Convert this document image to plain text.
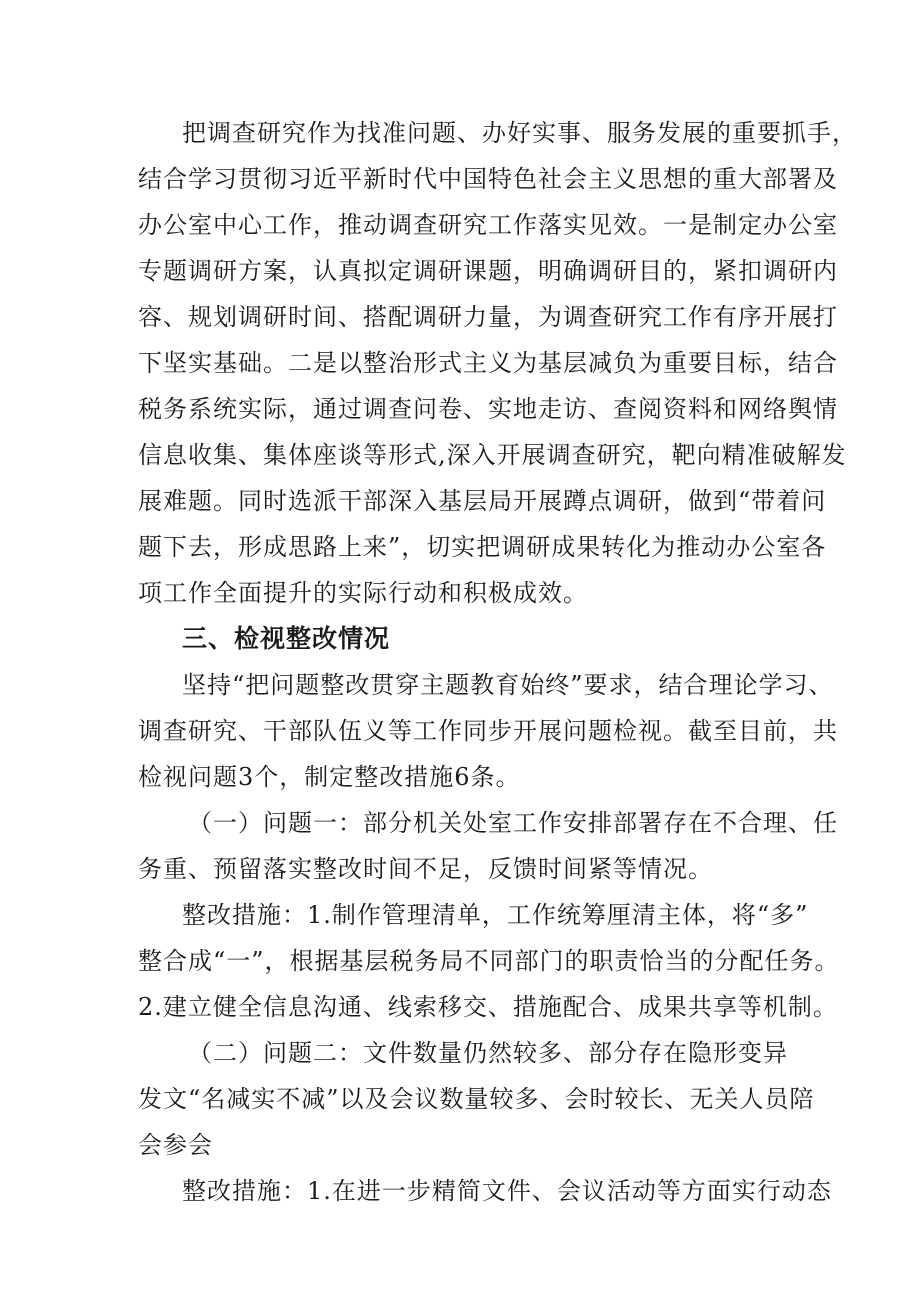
把调查研究作为找准问题、办好实事、服务发展的重要抓手，
结合学习贯彻习近平新时代中国特色社会主义思想的重大部署及
办公室中心工作，推动调查研究工作落实见效。一是制定办公室
专题调研方案，认真拟定调研课题，明确调研目的，紧扣调研内
容、规划调研时间、搭配调研力量，为调查研究工作有序开展打
下坚实基础。二是以整治形式主义为基层减负为重要目标，结合
税务系统实际，通过调查问卷、实地走访、查阅资料和网络舆情
信息收集、集体座谈等形式,深入开展调查研究，靶向精准破解发
展难题。同时选派干部深入基层局开展蹲点调研，做到“带着问
题下去，形成思路上来”，切实把调研成果转化为推动办公室各
项工作全面提升的实际行动和积极成效。
三、检视整改情况
坚持“把问题整改贯穿主题教育始终”要求，结合理论学习、
调查研究、干部队伍义等工作同步开展问题检视。截至目前，共
检视问题3个，制定整改措施6条。
（一）问题一：部分机关处室工作安排部署存在不合理、任
务重、预留落实整改时间不足，反馈时间紧等情况。
整改措施：1.制作管理清单，工作统筹厘清主体，将“多”
整合成“一”，根据基层税务局不同部门的职责恰当的分配任务。
2.建立健全信息沟通、线索移交、措施配合、成果共享等机制。
（二）问题二：文件数量仍然较多、部分存在隐形变异
发文“名减实不减”以及会议数量较多、会时较长、无关人员陪
会参会
整改措施：1.在进一步精简文件、会议活动等方面实行动态
